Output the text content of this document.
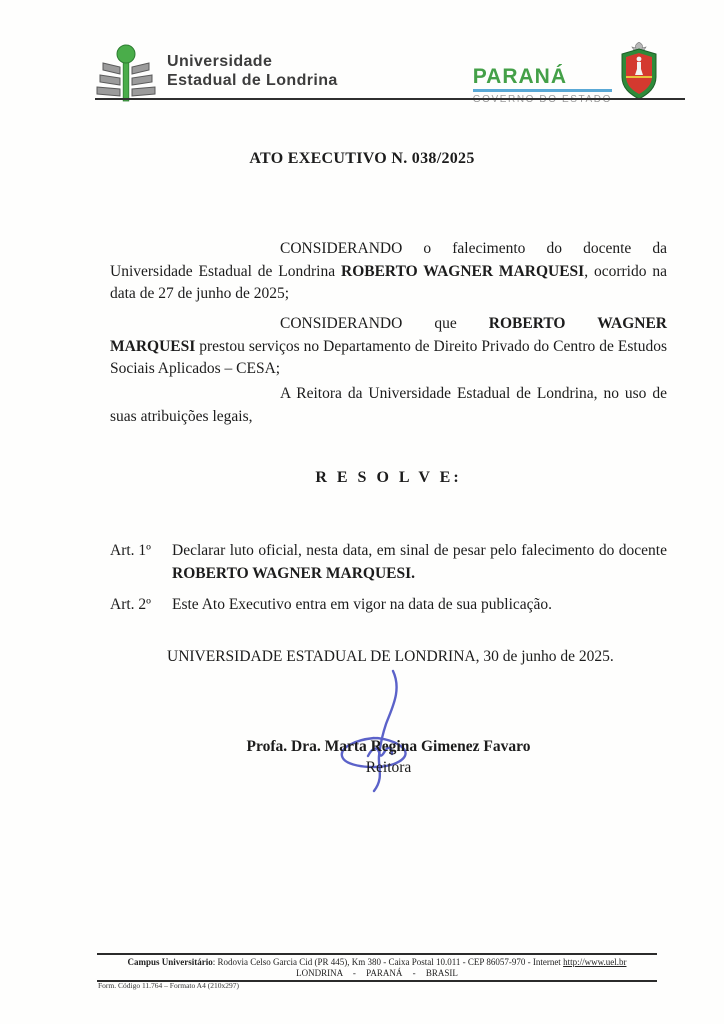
Universidade
Estadual de Londrina	PARANÁ
GOVERNO DO ESTADO
ATO EXECUTIVO N. 038/2025

CONSIDERANDO o falecimento do docente da Universidade Estadual de Londrina ROBERTO WAGNER MARQUESI, ocorrido na data de 27 de junho de 2025;

CONSIDERANDO que ROBERTO WAGNER MARQUESI prestou serviços no Departamento de Direito Privado do Centro de Estudos Sociais Aplicados – CESA;

A Reitora da Universidade Estadual de Londrina, no uso de suas atribuições legais,

R E S O L V E:
Art. 1º	Declarar luto oficial, nesta data, em sinal de pesar pelo falecimento do docente ROBERTO WAGNER MARQUESI.
Art. 2º	Este Ato Executivo entra em vigor na data de sua publicação.
UNIVERSIDADE ESTADUAL DE LONDRINA, 30 de junho de 2025.
Profa. Dra. Marta Regina Gimenez Favaro
Reitora
Campus Universitário: Rodovia Celso Garcia Cid (PR 445), Km 380 - Caixa Postal 10.011 - CEP 86057-970 - Internet http://www.uel.br
LONDRINA - PARANÁ - BRASIL
Form. Código 11.764 – Formato A4 (210x297)
